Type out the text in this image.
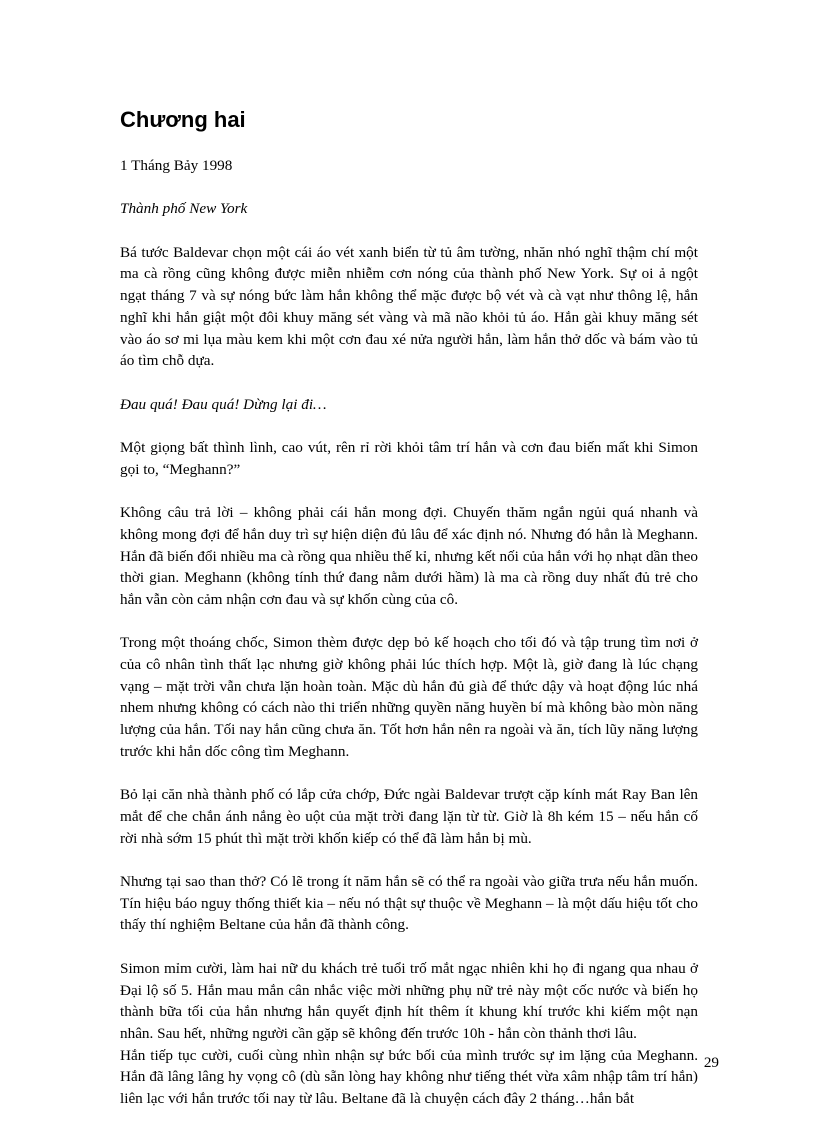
Chương hai

1 Tháng Bảy 1998

Thành phố New York

Bá tước Baldevar chọn một cái áo vét xanh biển từ tủ âm tường, nhăn nhó nghĩ thậm chí một ma cà rồng cũng không được miễn nhiễm cơn nóng của thành phố New York. Sự oi ả ngột ngạt tháng 7 và sự nóng bức làm hắn không thể mặc được bộ vét và cà vạt như thông lệ, hắn nghĩ khi hắn giật một đôi khuy măng sét vàng và mã não khỏi tủ áo. Hắn gài khuy măng sét vào áo sơ mi lụa màu kem khi một cơn đau xé nửa người hắn, làm hắn thở dốc và bám vào tủ áo tìm chỗ dựa.

Đau quá! Đau quá! Dừng lại đi…

Một giọng bất thình lình, cao vút, rên rỉ rời khỏi tâm trí hắn và cơn đau biến mất khi Simon gọi to, “Meghann?”

Không câu trả lời – không phải cái hắn mong đợi. Chuyến thăm ngắn ngủi quá nhanh và không mong đợi để hắn duy trì sự hiện diện đủ lâu để xác định nó. Nhưng đó hẳn là Meghann. Hắn đã biến đổi nhiều ma cà rồng qua nhiều thế kỉ, nhưng kết nối của hắn với họ nhạt dần theo thời gian. Meghann (không tính thứ đang nằm dưới hầm) là ma cà rồng duy nhất đủ trẻ cho hắn vẫn còn cảm nhận cơn đau và sự khốn cùng của cô.

Trong một thoáng chốc, Simon thèm được dẹp bỏ kế hoạch cho tối đó và tập trung tìm nơi ở của cô nhân tình thất lạc nhưng giờ không phải lúc thích hợp. Một là, giờ đang là lúc chạng vạng – mặt trời vẫn chưa lặn hoàn toàn. Mặc dù hắn đủ già để thức dậy và hoạt động lúc nhá nhem nhưng không có cách nào thi triển những quyền năng huyền bí mà không bào mòn năng lượng của hắn. Tối nay hắn cũng chưa ăn. Tốt hơn hắn nên ra ngoài và ăn, tích lũy năng lượng trước khi hắn dốc công tìm Meghann.

Bỏ lại căn nhà thành phố có lắp cửa chớp, Đức ngài Baldevar trượt cặp kính mát Ray Ban lên mắt để che chắn ánh nắng èo uột của mặt trời đang lặn từ từ. Giờ là 8h kém 15 – nếu hắn cố rời nhà sớm 15 phút thì mặt trời khốn kiếp có thể đã làm hắn bị mù.

Nhưng tại sao than thở? Có lẽ trong ít năm hắn sẽ có thể ra ngoài vào giữa trưa nếu hắn muốn. Tín hiệu báo nguy thống thiết kia – nếu nó thật sự thuộc về Meghann – là một dấu hiệu tốt cho thấy thí nghiệm Beltane của hắn đã thành công.

Simon mỉm cười, làm hai nữ du khách trẻ tuổi trố mắt ngạc nhiên khi họ đi ngang qua nhau ở Đại lộ số 5. Hắn mau mắn cân nhắc việc mời những phụ nữ trẻ này một cốc nước và biến họ thành bữa tối của hắn nhưng hắn quyết định hít thêm ít khung khí trước khi kiếm một nạn nhân. Sau hết, những người cần gặp sẽ không đến trước 10h - hắn còn thảnh thơi lâu.

Hắn tiếp tục cười, cuối cùng nhìn nhận sự bức bối của mình trước sự im lặng của Meghann. Hắn đã lâng lâng hy vọng cô (dù sẵn lòng hay không như tiếng thét vừa xâm nhập tâm trí hắn) liên lạc với hắn trước tối nay từ lâu. Beltane đã là chuyện cách đây 2 tháng…hắn bắt

29
